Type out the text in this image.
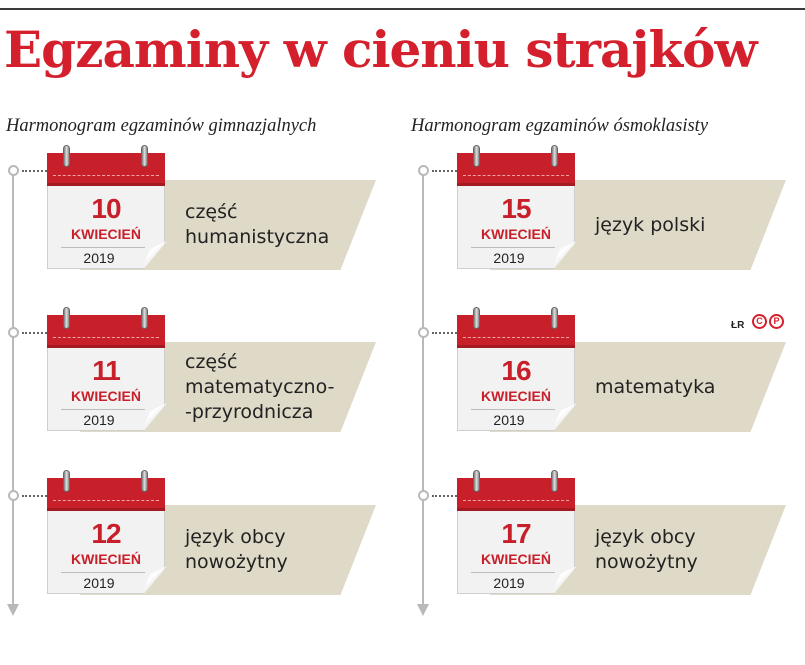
Egzaminy w cieniu strajków

Harmonogram egzaminów gimnazjalnych	Harmonogram egzaminów ósmoklasisty

ŁR	C	P
10
KWIECIEŃ
2019
część
humanistyczna
11
KWIECIEŃ
2019
część
matematyczno-
-przyrodnicza
12
KWIECIEŃ
2019
język obcy
nowożytny
15
KWIECIEŃ
2019
język polski
16
KWIECIEŃ
2019
matematyka
17
KWIECIEŃ
2019
język obcy
nowożytny
